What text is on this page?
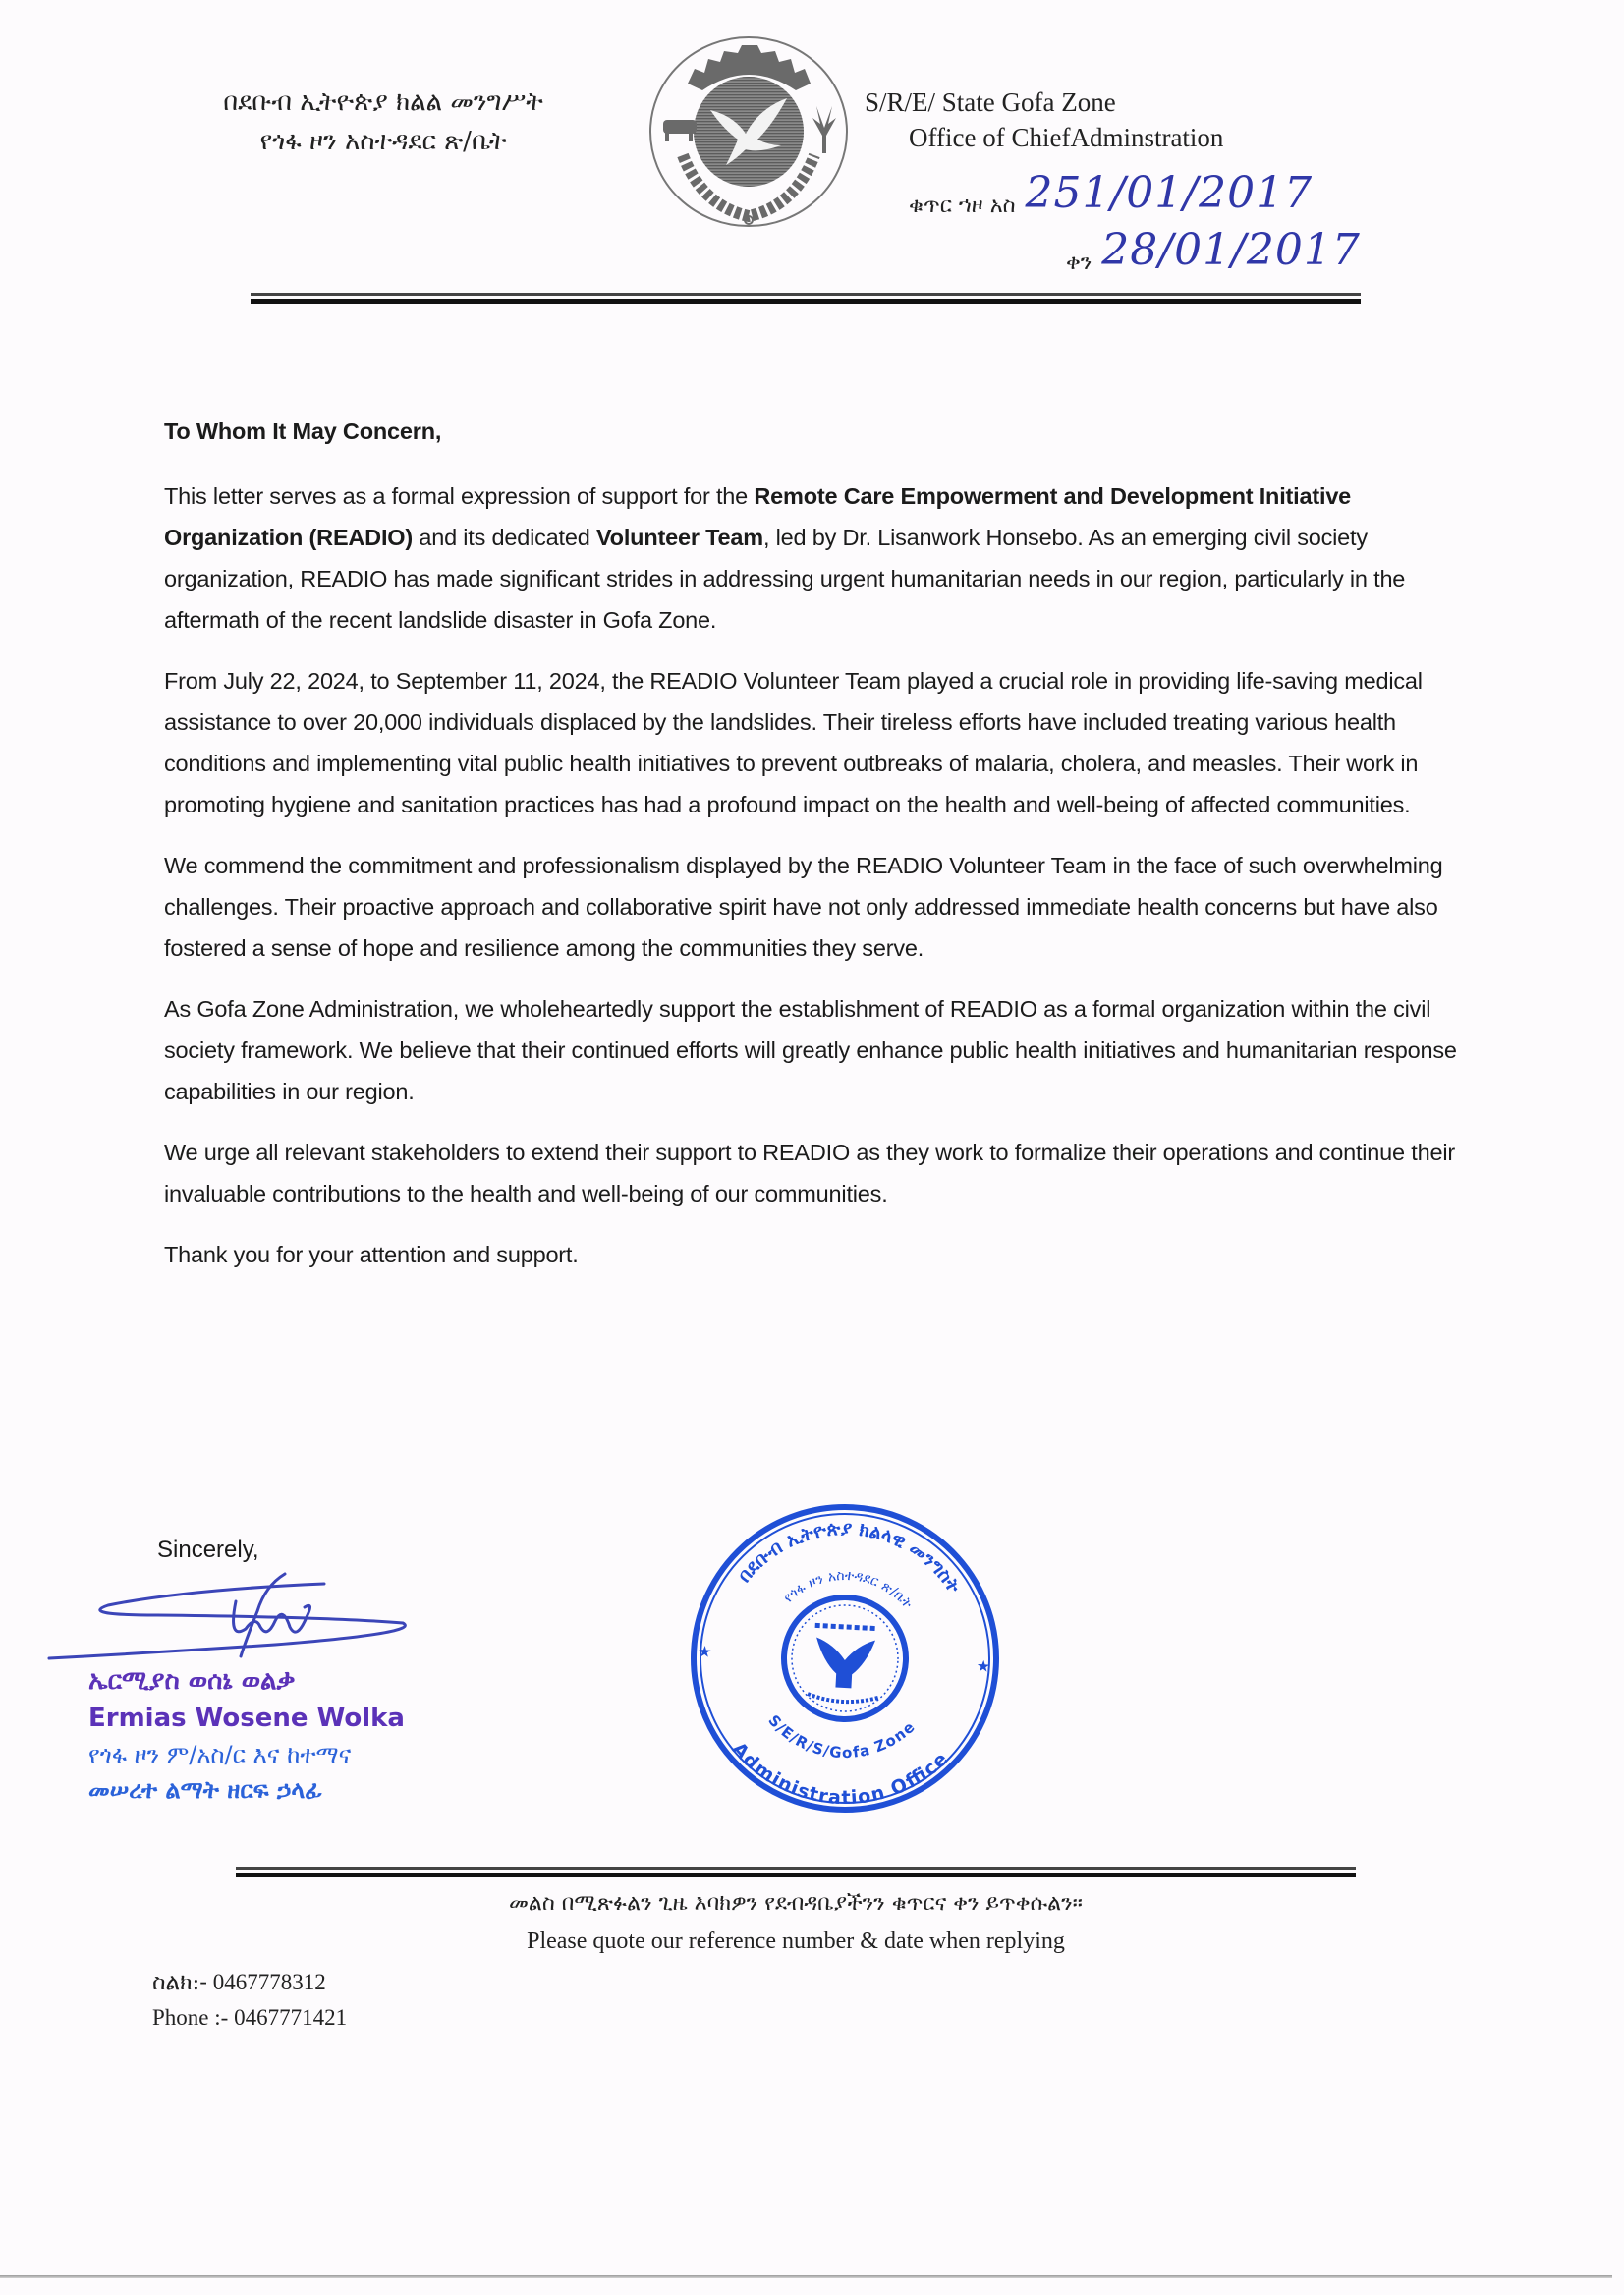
በደቡብ ኢትዮጵያ ክልል መንግሥት
የጎፋ ዞን አስተዳደር ጽ/ቤት
S/R/E/ State Gofa Zone
Office of ChiefAdminstration
ቁጥር ኀዞ አስ 251/01/2017
ቀን 28/01/2017

To Whom It May Concern,

This letter serves as a formal expression of support for the Remote Care Empowerment and Development Initiative Organization (READIO) and its dedicated Volunteer Team, led by Dr. Lisanwork Honsebo. As an emerging civil society organization, READIO has made significant strides in addressing urgent humanitarian needs in our region, particularly in the aftermath of the recent landslide disaster in Gofa Zone.

From July 22, 2024, to September 11, 2024, the READIO Volunteer Team played a crucial role in providing life-saving medical assistance to over 20,000 individuals displaced by the landslides. Their tireless efforts have included treating various health conditions and implementing vital public health initiatives to prevent outbreaks of malaria, cholera, and measles. Their work in promoting hygiene and sanitation practices has had a profound impact on the health and well-being of affected communities.

We commend the commitment and professionalism displayed by the READIO Volunteer Team in the face of such overwhelming challenges. Their proactive approach and collaborative spirit have not only addressed immediate health concerns but have also fostered a sense of hope and resilience among the communities they serve.

As Gofa Zone Administration, we wholeheartedly support the establishment of READIO as a formal organization within the civil society framework. We believe that their continued efforts will greatly enhance public health initiatives and humanitarian response capabilities in our region.

We urge all relevant stakeholders to extend their support to READIO as they work to formalize their operations and continue their invaluable contributions to the health and well-being of our communities.

Thank you for your attention and support.

Sincerely,
ኤርሚያስ ወሰኔ ወልቃ
Ermias Wosene Wolka
የጎፋ ዞን ም/አስ/ር እና ከተማና
መሠረተ ልማት ዘርፍ ኃላፊ
በደቡብ ኢትዮጵያ ክልላዊ መንግስት
የጎፋ ዞን አስተዳደር ጽ/ቤት
Administration Office
S/E/R/S/Gofa Zone
★
★
መልስ በሚጽፉልን ጊዜ እባክዎን የደብዳቤያችንን ቁጥርና ቀን ይጥቀሱልን።
Please quote our reference number & date when replying
ስልክ:- 0467778312
Phone :- 0467771421
